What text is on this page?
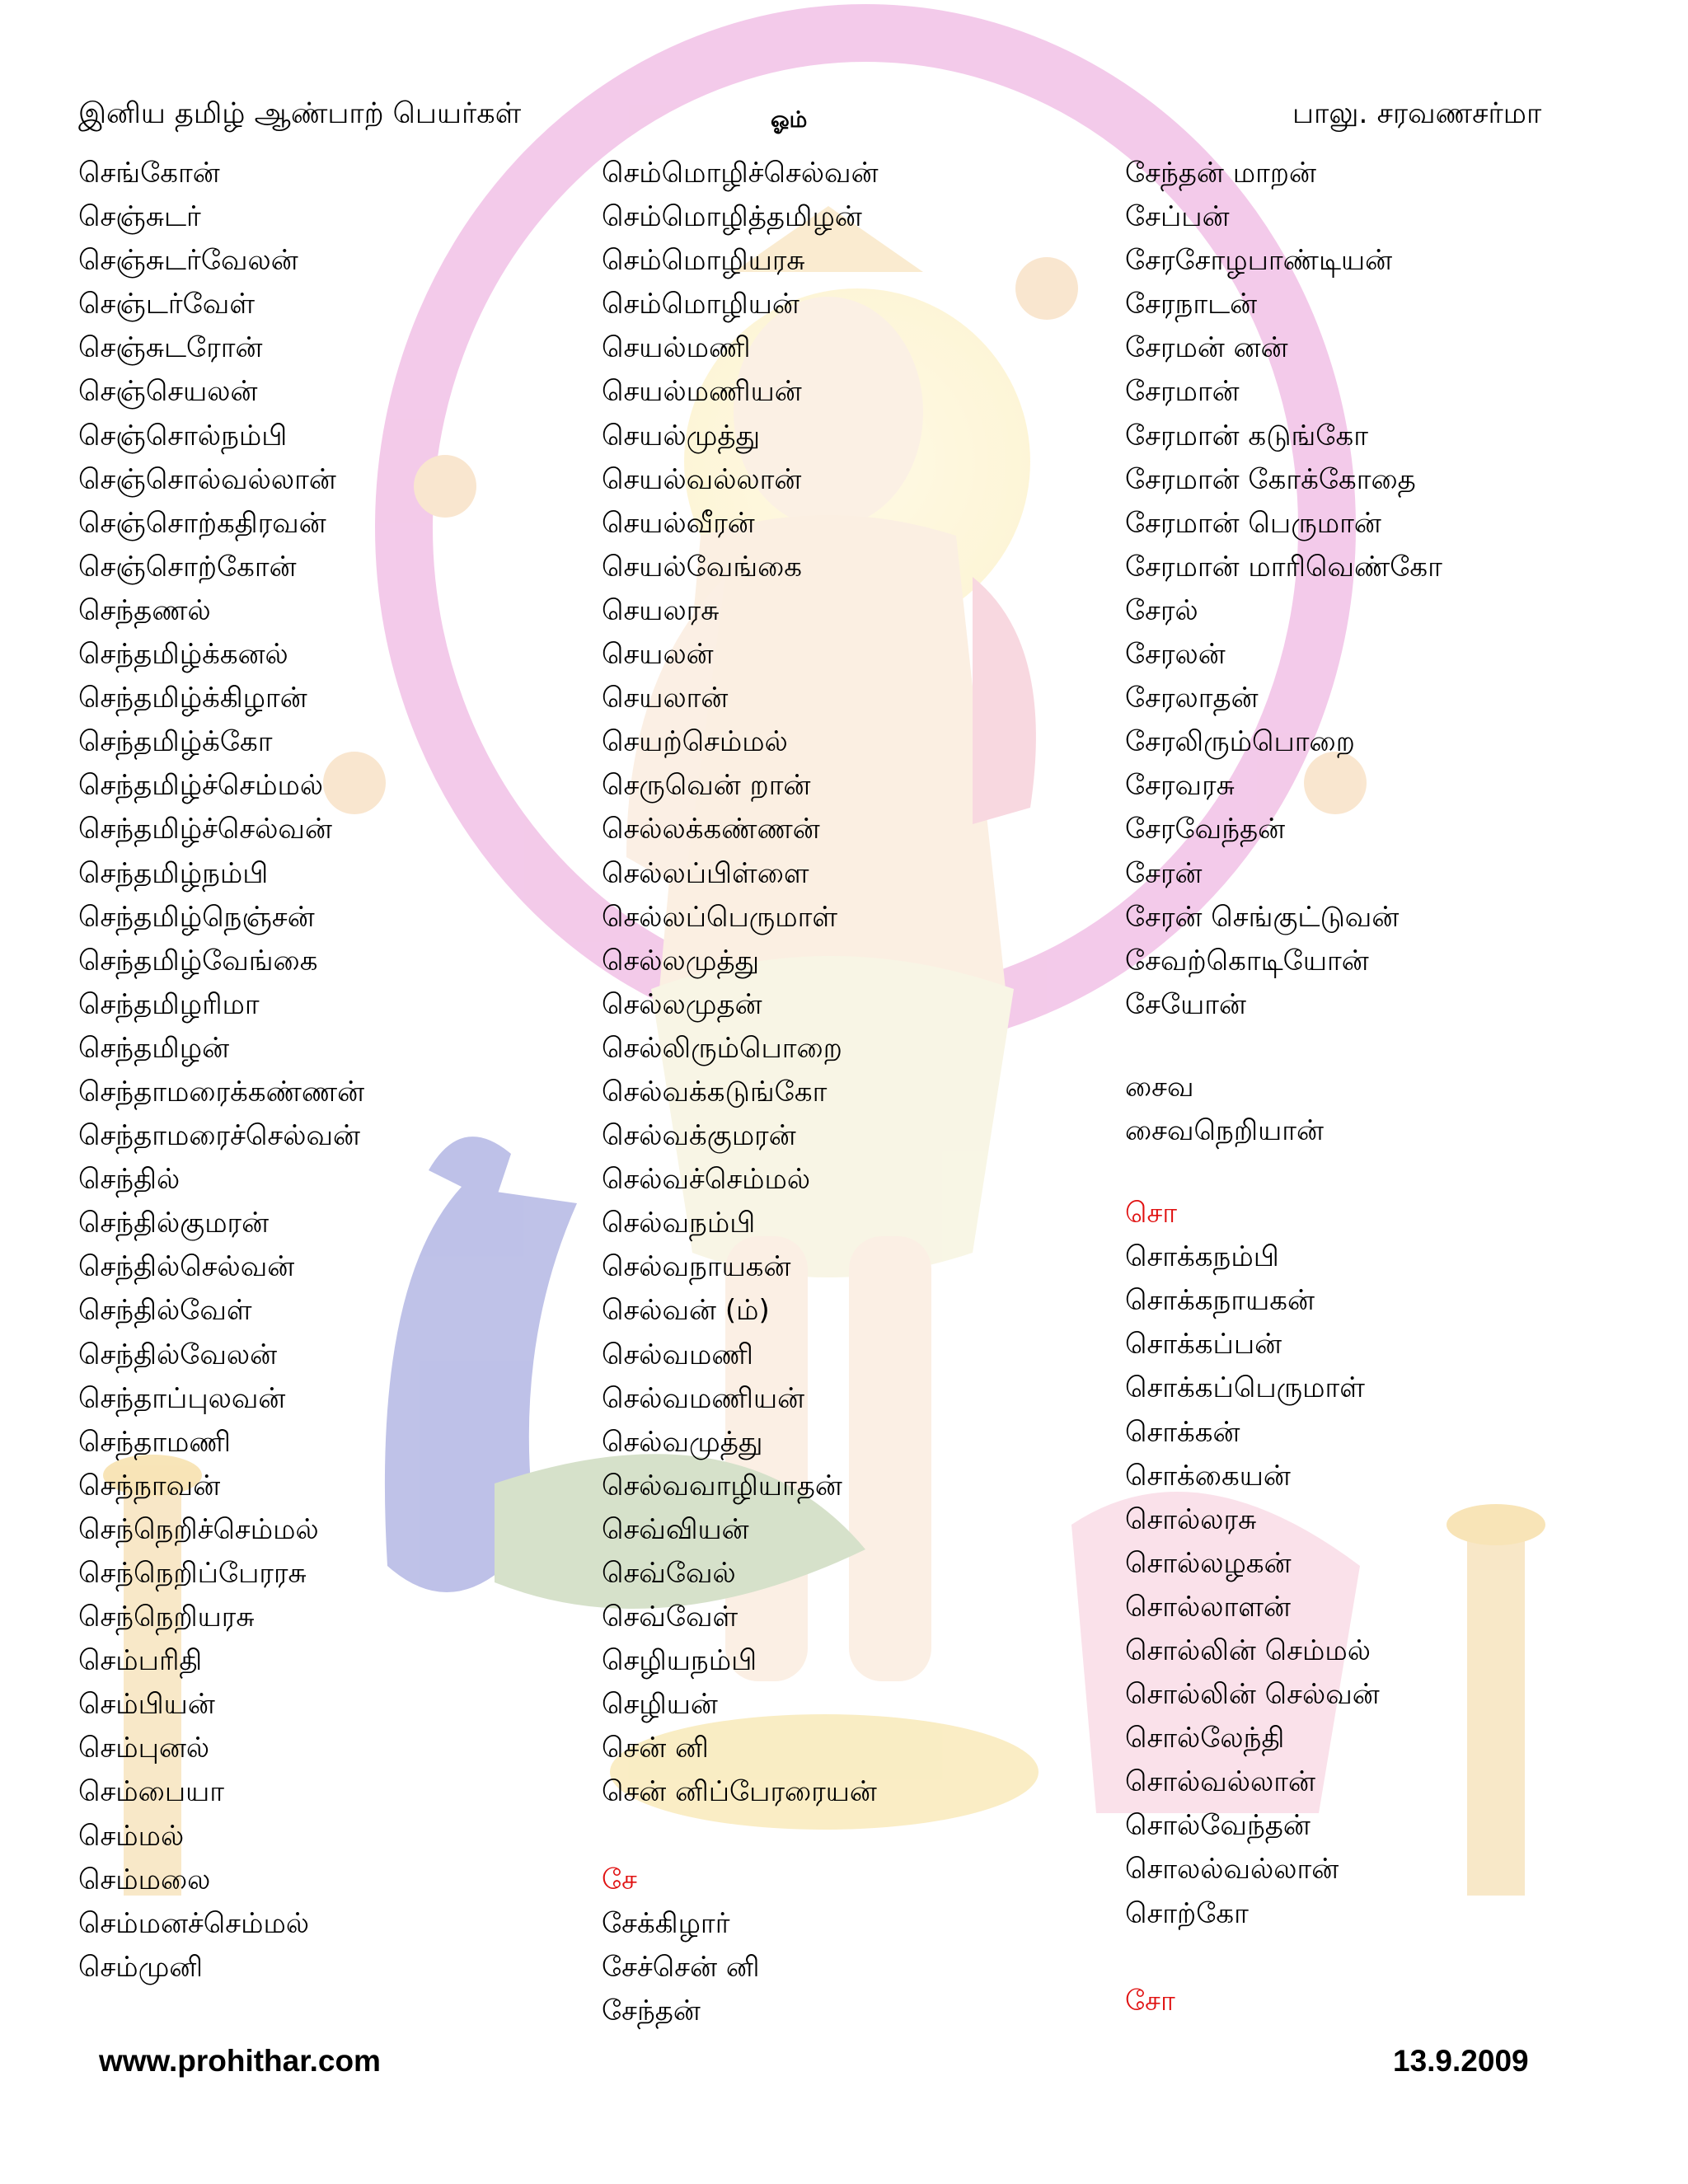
இனிய தமிழ் ஆண்பாற் பெயர்கள்	ஓம்	பாலு. சரவணசர்மா
செங்கோன்
செஞ்சுடர்
செஞ்சுடர்வேலன்
செஞ்டர்வேள்
செஞ்சுடரோன்
செஞ்செயலன்
செஞ்சொல்நம்பி
செஞ்சொல்வல்லான்
செஞ்சொற்கதிரவன்
செஞ்சொற்கோன்
செந்தணல்
செந்தமிழ்க்கனல்
செந்தமிழ்க்கிழான்
செந்தமிழ்க்கோ
செந்தமிழ்ச்செம்மல்
செந்தமிழ்ச்செல்வன்
செந்தமிழ்நம்பி
செந்தமிழ்நெஞ்சன்
செந்தமிழ்வேங்கை
செந்தமிழரிமா
செந்தமிழன்
செந்தாமரைக்கண்ணன்
செந்தாமரைச்செல்வன்
செந்தில்
செந்தில்குமரன்
செந்தில்செல்வன்
செந்தில்வேள்
செந்தில்வேலன்
செந்தாப்புலவன்
செந்தாமணி
செந்நாவன்
செந்நெறிச்செம்மல்
செந்நெறிப்பேரரசு
செந்நெறியரசு
செம்பரிதி
செம்பியன்
செம்புனல்
செம்பையா
செம்மல்
செம்மலை
செம்மனச்செம்மல்
செம்முனி
செம்மொழிச்செல்வன்
செம்மொழித்தமிழன்
செம்மொழியரசு
செம்மொழியன்
செயல்மணி
செயல்மணியன்
செயல்முத்து
செயல்வல்லான்
செயல்வீரன்
செயல்வேங்கை
செயலரசு
செயலன்
செயலான்
செயற்செம்மல்
செருவென் றான்
செல்லக்கண்ணன்
செல்லப்பிள்ளை
செல்லப்பெருமாள்
செல்லமுத்து
செல்லமுதன்
செல்லிரும்பொறை
செல்வக்கடுங்கோ
செல்வக்குமரன்
செல்வச்செம்மல்
செல்வநம்பி
செல்வநாயகன்
செல்வன் (ம்)
செல்வமணி
செல்வமணியன்
செல்வமுத்து
செல்வவாழியாதன்
செவ்வியன்
செவ்வேல்
செவ்வேள்
செழியநம்பி
செழியன்
சென் னி
சென் னிப்பேரரையன்
சே
சேக்கிழார்
சேச்சென் னி
சேந்தன்
சேந்தன் மாறன்
சேப்பன்
சேரசோழபாண்டியன்
சேரநாடன்
சேரமன் னன்
சேரமான்
சேரமான் கடுங்கோ
சேரமான் கோக்கோதை
சேரமான் பெருமான்
சேரமான் மாரிவெண்கோ
சேரல்
சேரலன்
சேரலாதன்
சேரலிரும்பொறை
சேரவரசு
சேரவேந்தன்
சேரன்
சேரன் செங்குட்டுவன்
சேவற்கொடியோன்
சேயோன்
சைவ
சைவநெறியான்
சொ
சொக்கநம்பி
சொக்கநாயகன்
சொக்கப்பன்
சொக்கப்பெருமாள்
சொக்கன்
சொக்கையன்
சொல்லரசு
சொல்லழகன்
சொல்லாளன்
சொல்லின் செம்மல்
சொல்லின் செல்வன்
சொல்லேந்தி
சொல்வல்லான்
சொல்வேந்தன்
சொலல்வல்லான்
சொற்கோ
சோ
www.prohithar.com	13.9.2009
